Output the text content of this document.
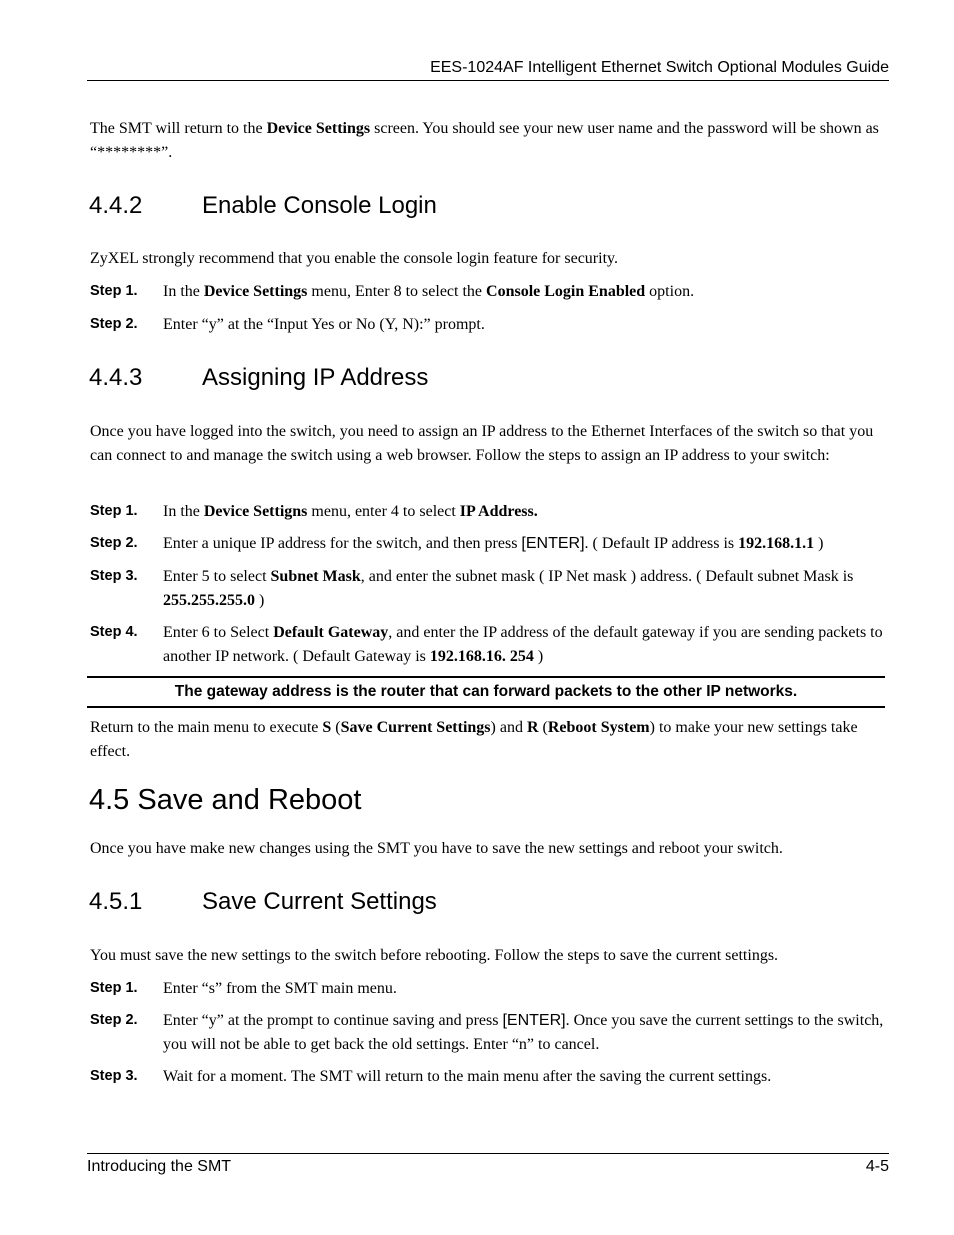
EES-1024AF Intelligent Ethernet Switch Optional Modules Guide
The SMT will return to the Device Settings screen. You should see your new user name and the password will be shown as “********”.
4.4.2 Enable Console Login
ZyXEL strongly recommend that you enable the console login feature for security.
Step 1. In the Device Settings menu, Enter 8 to select the Console Login Enabled option.
Step 2. Enter “y” at the “Input Yes or No (Y, N):” prompt.
4.4.3 Assigning IP Address
Once you have logged into the switch, you need to assign an IP address to the Ethernet Interfaces of the switch so that you can connect to and manage the switch using a web browser. Follow the steps to assign an IP address to your switch:
Step 1. In the Device Settigns menu, enter 4 to select IP Address.
Step 2. Enter a unique IP address for the switch, and then press [ENTER]. ( Default IP address is 192.168.1.1 )
Step 3. Enter 5 to select Subnet Mask, and enter the subnet mask ( IP Net mask ) address. ( Default subnet Mask is 255.255.255.0 )
Step 4. Enter 6 to Select Default Gateway, and enter the IP address of the default gateway if you are sending packets to another IP network. ( Default Gateway is 192.168.16. 254 )
The gateway address is the router that can forward packets to the other IP networks.
Return to the main menu to execute S (Save Current Settings) and R (Reboot System) to make your new settings take effect.
4.5 Save and Reboot
Once you have make new changes using the SMT you have to save the new settings and reboot your switch.
4.5.1 Save Current Settings
You must save the new settings to the switch before rebooting. Follow the steps to save the current settings.
Step 1. Enter “s” from the SMT main menu.
Step 2. Enter “y” at the prompt to continue saving and press [ENTER]. Once you save the current settings to the switch, you will not be able to get back the old settings. Enter “n” to cancel.
Step 3. Wait for a moment. The SMT will return to the main menu after the saving the current settings.
Introducing the SMT	4-5
